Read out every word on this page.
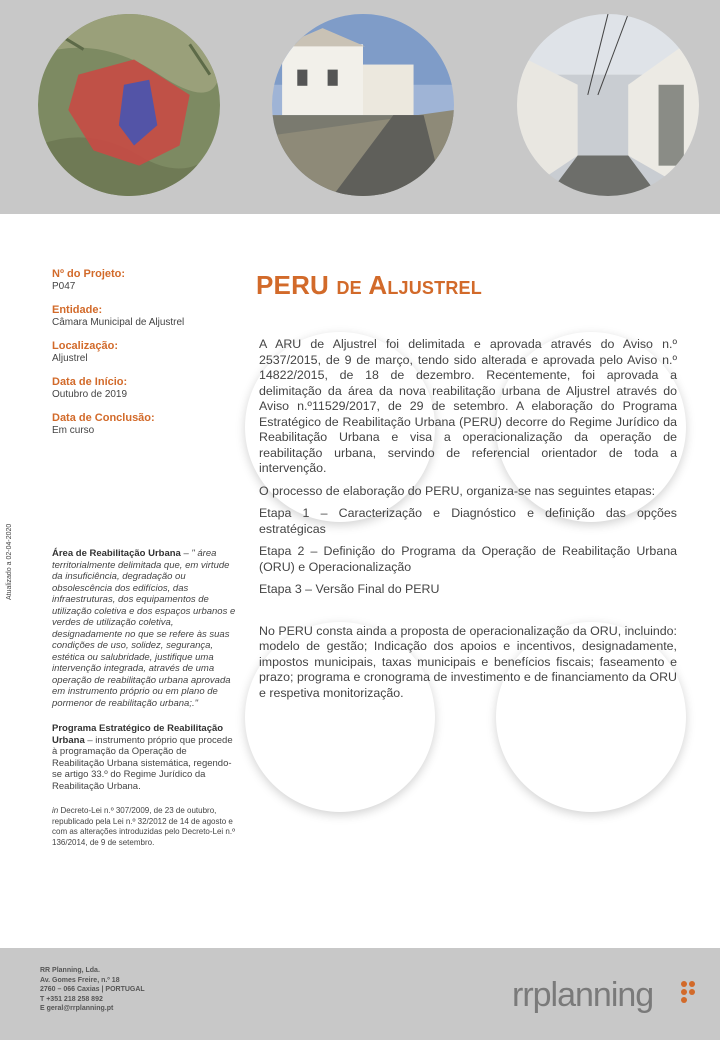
Nº do Projeto:

P047

Entidade:

Câmara Municipal de Aljustrel

Localização:

Aljustrel

Data de Início:

Outubro de 2019

Data de Conclusão:

Em curso

Atualizado a 02-04-2020	Área de Reabilitação Urbana – " área territorialmente delimitada que, em virtude da insuficiência, degradação ou obsolescência dos edifícios, das infraestruturas, dos equipamentos de utilização coletiva e dos espaços urbanos e verdes de utilização coletiva, designadamente no que se refere às suas condições de uso, solidez, segurança, estética ou salubridade, justifique uma intervenção integrada, através de uma operação de reabilitação urbana aprovada em instrumento próprio ou em plano de pormenor de reabilitação urbana;."

Programa Estratégico de Reabilitação Urbana – instrumento próprio que procede à programação da Operação de Reabilitação Urbana sistemática, regendo-se artigo 33.º do Regime Jurídico da Reabilitação Urbana.

in Decreto-Lei n.º 307/2009, de 23 de outubro, republicado pela Lei n.º 32/2012 de 14 de agosto e com as alterações introduzidas pelo Decreto-Lei n.º 136/2014, de 9 de setembro.

PERU de Aljustrel

A ARU de Aljustrel foi delimitada e aprovada através do Aviso n.º 2537/2015, de 9 de março, tendo sido alterada e aprovada pelo Aviso n.º 14822/2015, de 18 de dezembro. Recentemente, foi aprovada a delimitação da área da nova reabilitação urbana de Aljustrel através do Aviso n.º11529/2017, de 29 de setembro. A elaboração do Programa Estratégico de Reabilitação Urbana (PERU) decorre do Regime Jurídico da Reabilitação Urbana e visa a operacionalização da operação de reabilitação urbana, servindo de referencial orientador de toda a intervenção.

O processo de elaboração do PERU, organiza-se nas seguintes etapas:

Etapa 1 – Caracterização e Diagnóstico e definição das opções estratégicas

Etapa 2 – Definição do Programa da Operação de Reabilitação Urbana (ORU) e Operacionalização

Etapa 3 – Versão Final do PERU

No PERU consta ainda a proposta de operacionalização da ORU, incluindo: modelo de gestão; Indicação dos apoios e incentivos, designadamente, impostos municipais, taxas municipais e benefícios fiscais; faseamento e prazo; programa e cronograma de investimento e de financiamento da ORU e respetiva monitorização.

RR Planning, Lda.
Av. Gomes Freire, n.º 18
2760 – 066 Caxias | PORTUGAL
T +351 218 258 892
E geral@rrplanning.pt	rrplanning
